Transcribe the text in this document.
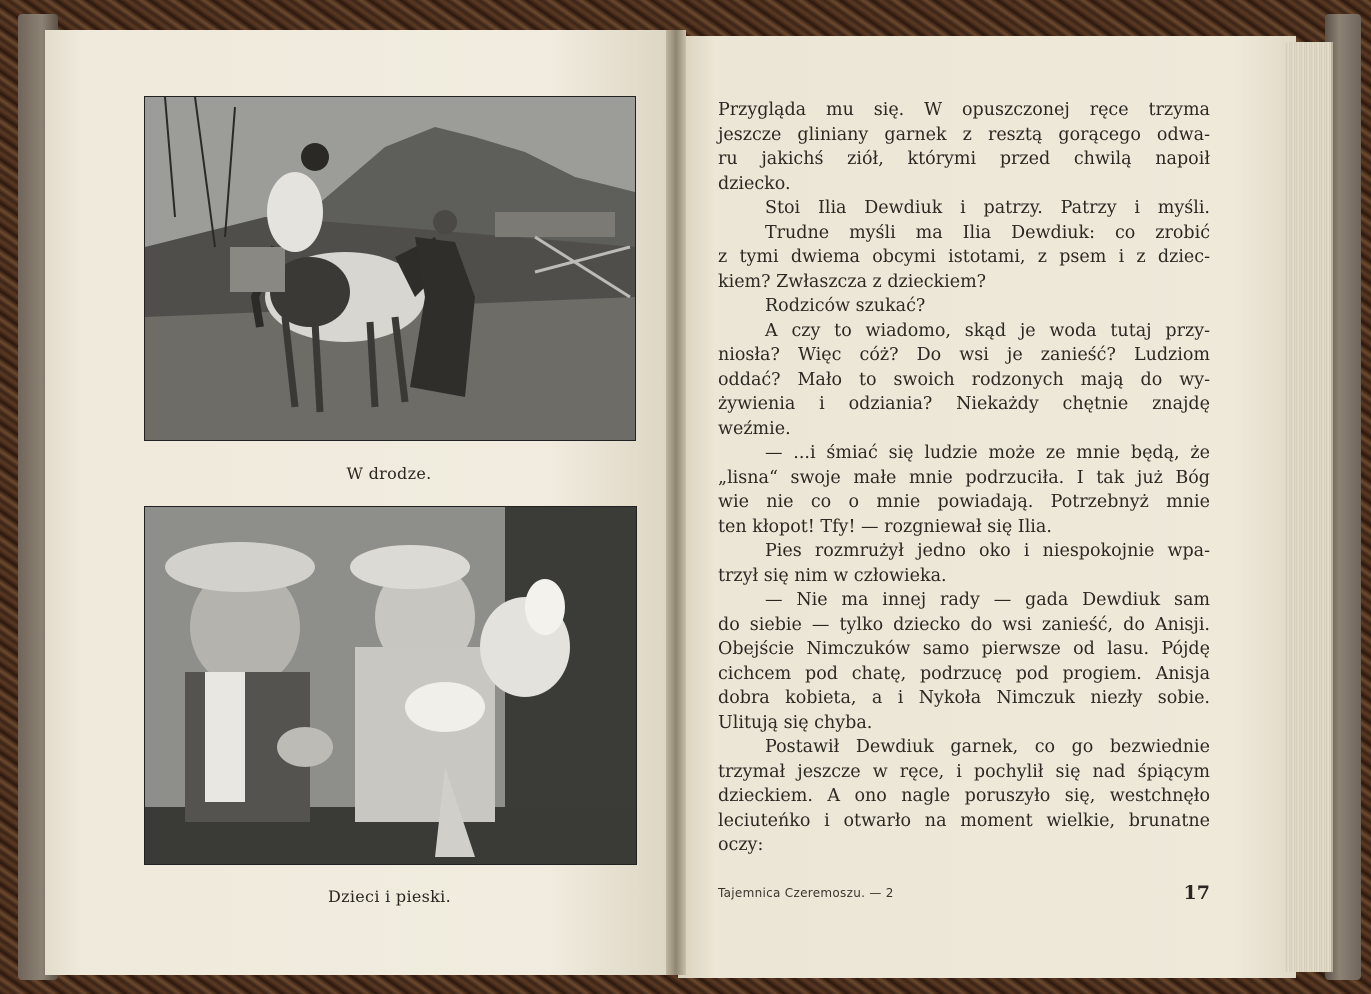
W drodze.
Dzieci i pieski.

Przygląda mu się. W opuszczonej ręce trzyma

jeszcze gliniany garnek z resztą gorącego odwa-

ru jakichś ziół, którymi przed chwilą napoił

dziecko.

Stoi Ilia Dewdiuk i patrzy. Patrzy i myśli.

Trudne myśli ma Ilia Dewdiuk: co zrobić

z tymi dwiema obcymi istotami, z psem i z dziec-

kiem? Zwłaszcza z dzieckiem?

Rodziców szukać?

A czy to wiadomo, skąd je woda tutaj przy-

niosła? Więc cóż? Do wsi je zanieść? Ludziom

oddać? Mało to swoich rodzonych mają do wy-

żywienia i odziania? Niekażdy chętnie znajdę

weźmie.

— ...i śmiać się ludzie może ze mnie będą, że

„lisna“ swoje małe mnie podrzuciła. I tak już Bóg

wie nie co o mnie powiadają. Potrzebnyż mnie

ten kłopot! Tfy! — rozgniewał się Ilia.

Pies rozmrużył jedno oko i niespokojnie wpa-

trzył się nim w człowieka.

— Nie ma innej rady — gada Dewdiuk sam

do siebie — tylko dziecko do wsi zanieść, do Anisji.

Obejście Nimczuków samo pierwsze od lasu. Pójdę

cichcem pod chatę, podrzucę pod progiem. Anisja

dobra kobieta, a i Nykoła Nimczuk niezły sobie.

Ulitują się chyba.

Postawił Dewdiuk garnek, co go bezwiednie

trzymał jeszcze w ręce, i pochylił się nad śpiącym

dzieckiem. A ono nagle poruszyło się, westchnęło

leciuteńko i otwarło na moment wielkie, brunatne

oczy:

Tajemnica Czeremoszu. — 2	17
